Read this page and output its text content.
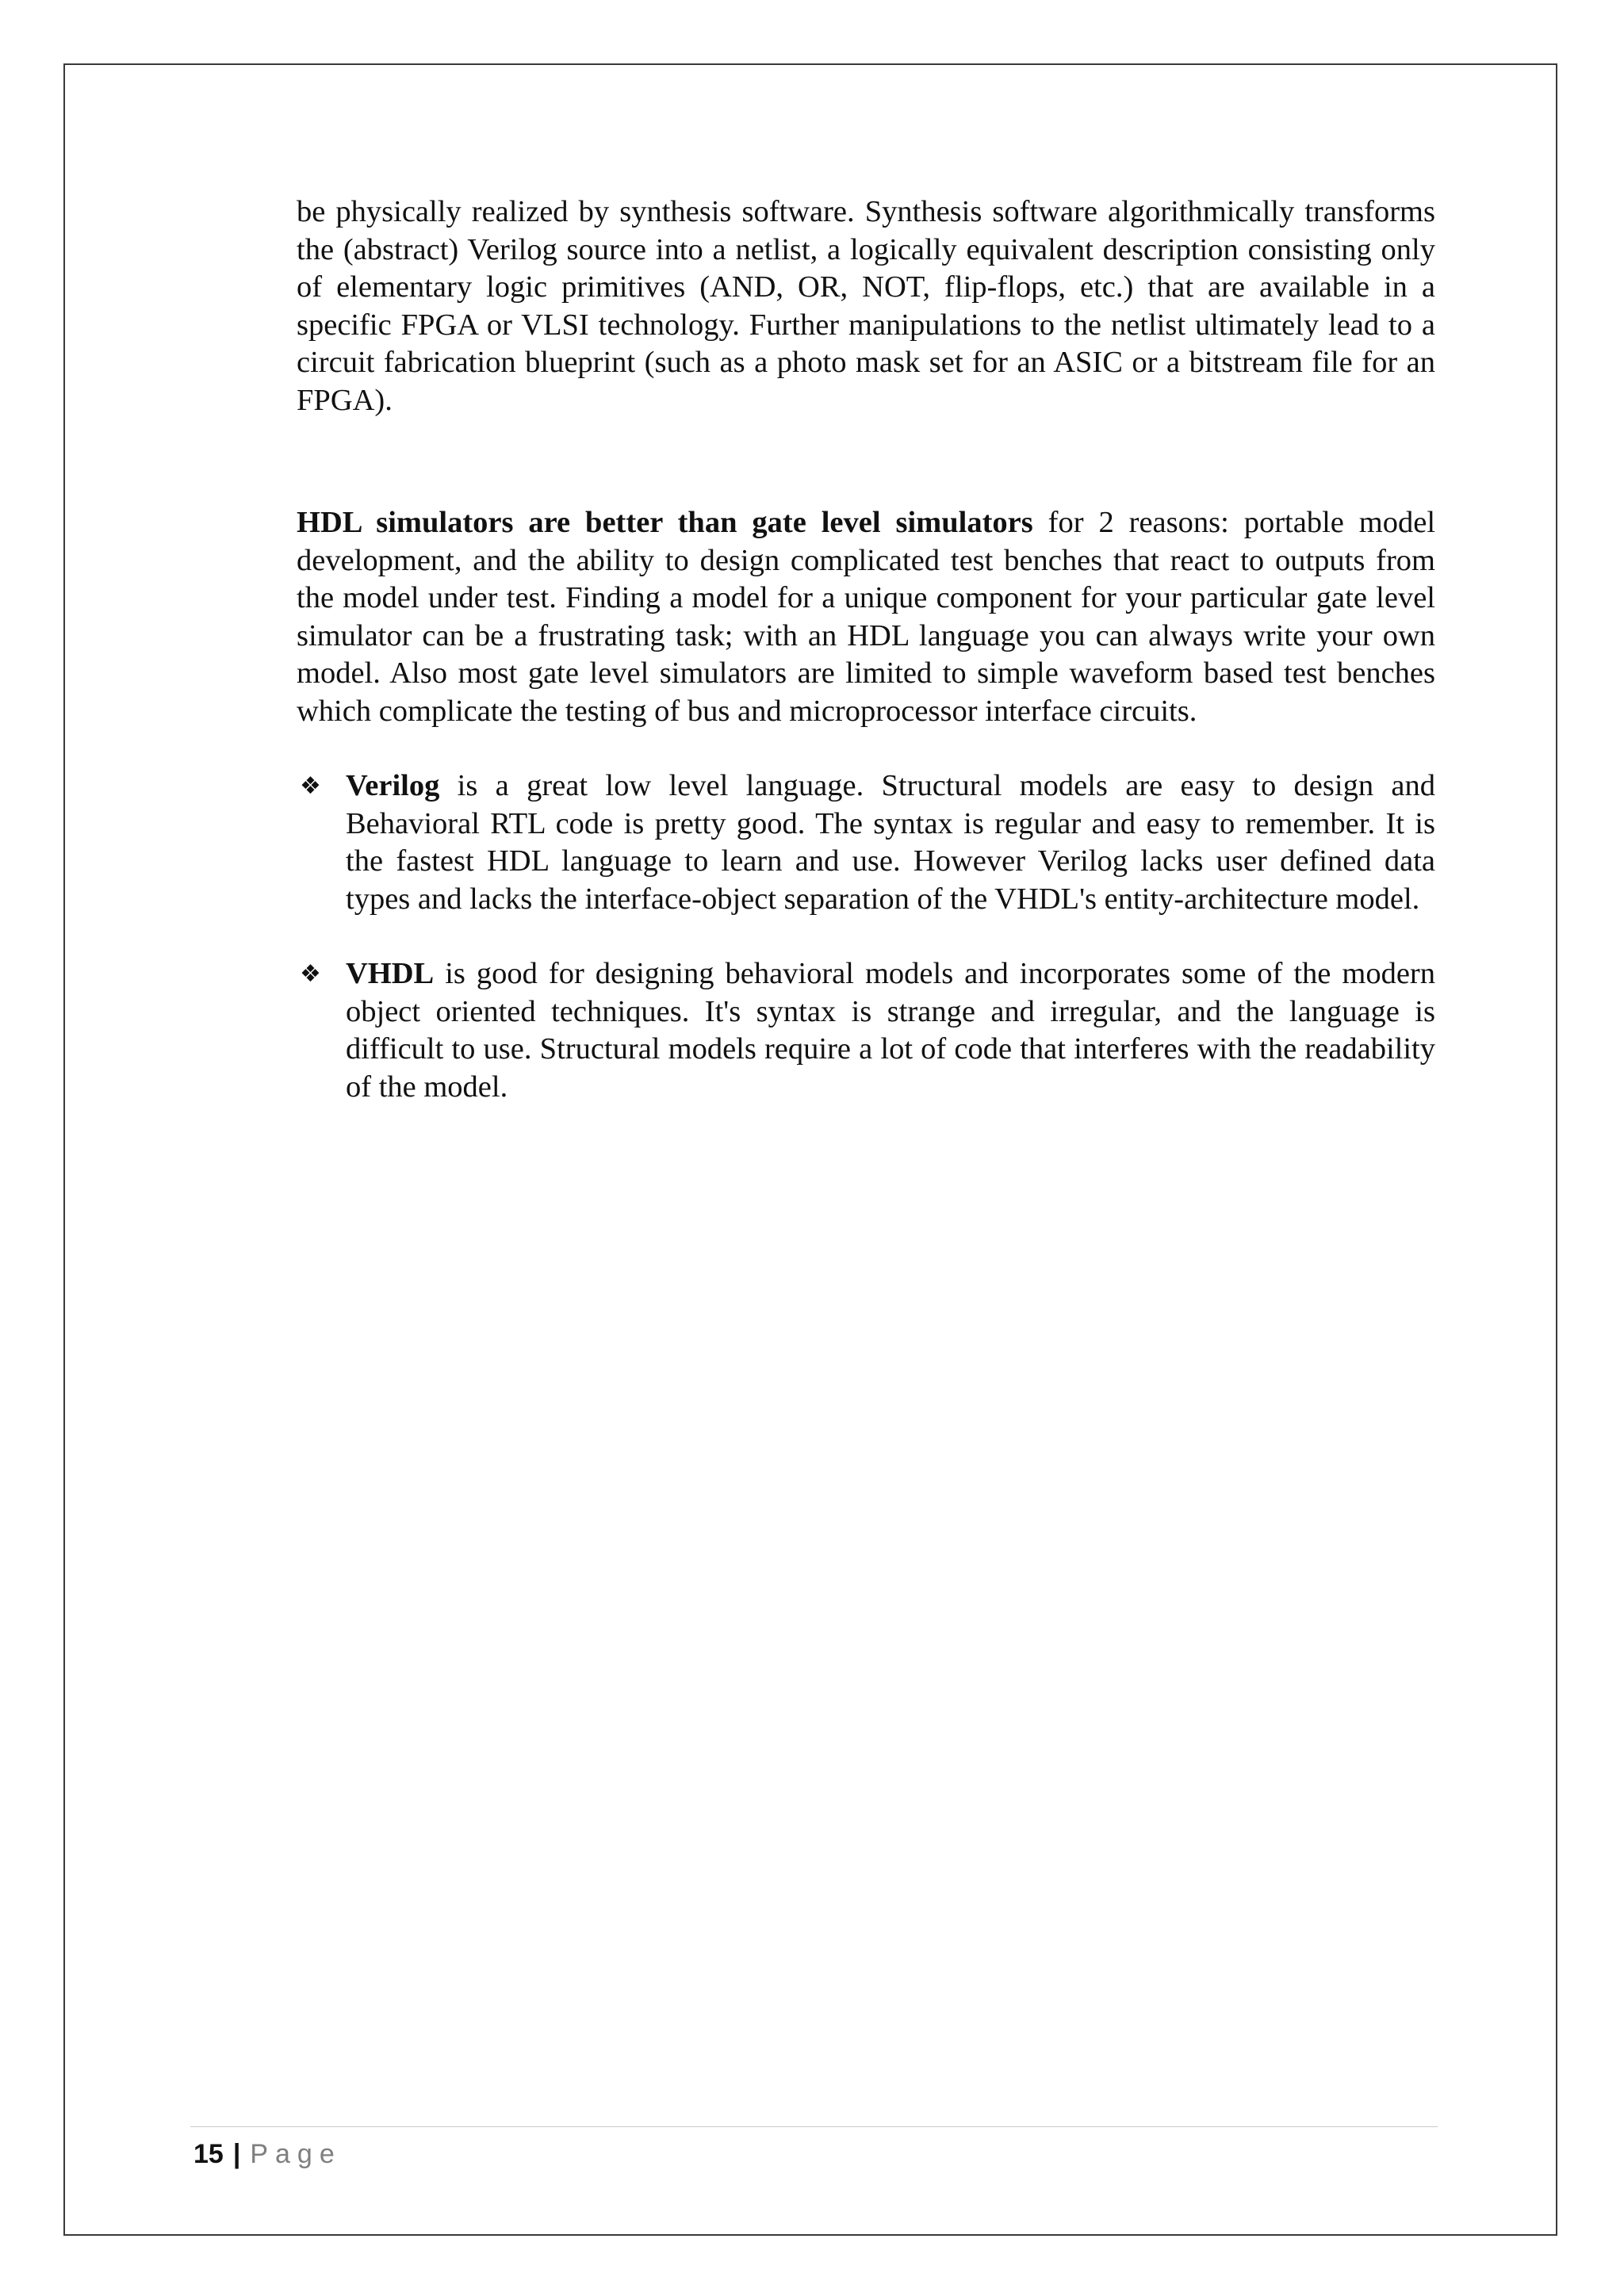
be physically realized by synthesis software. Synthesis software algorithmically transforms the (abstract) Verilog source into a netlist, a logically equivalent description consisting only of elementary logic primitives (AND, OR, NOT, flip-flops, etc.) that are available in a specific FPGA or VLSI technology. Further manipulations to the netlist ultimately lead to a circuit fabrication blueprint (such as a photo mask set for an ASIC or a bitstream file for an FPGA).

HDL simulators are better than gate level simulators for 2 reasons: portable model development, and the ability to design complicated test benches that react to outputs from the model under test. Finding a model for a unique component for your particular gate level simulator can be a frustrating task; with an HDL language you can always write your own model. Also most gate level simulators are limited to simple waveform based test benches which complicate the testing of bus and microprocessor interface circuits.

❖ Verilog is a great low level language. Structural models are easy to design and Behavioral RTL code is pretty good. The syntax is regular and easy to remember. It is the fastest HDL language to learn and use. However Verilog lacks user defined data types and lacks the interface-object separation of the VHDL's entity-architecture model.
❖ VHDL is good for designing behavioral models and incorporates some of the modern object oriented techniques. It's syntax is strange and irregular, and the language is difficult to use. Structural models require a lot of code that interferes with the readability of the model.
15 | Page
